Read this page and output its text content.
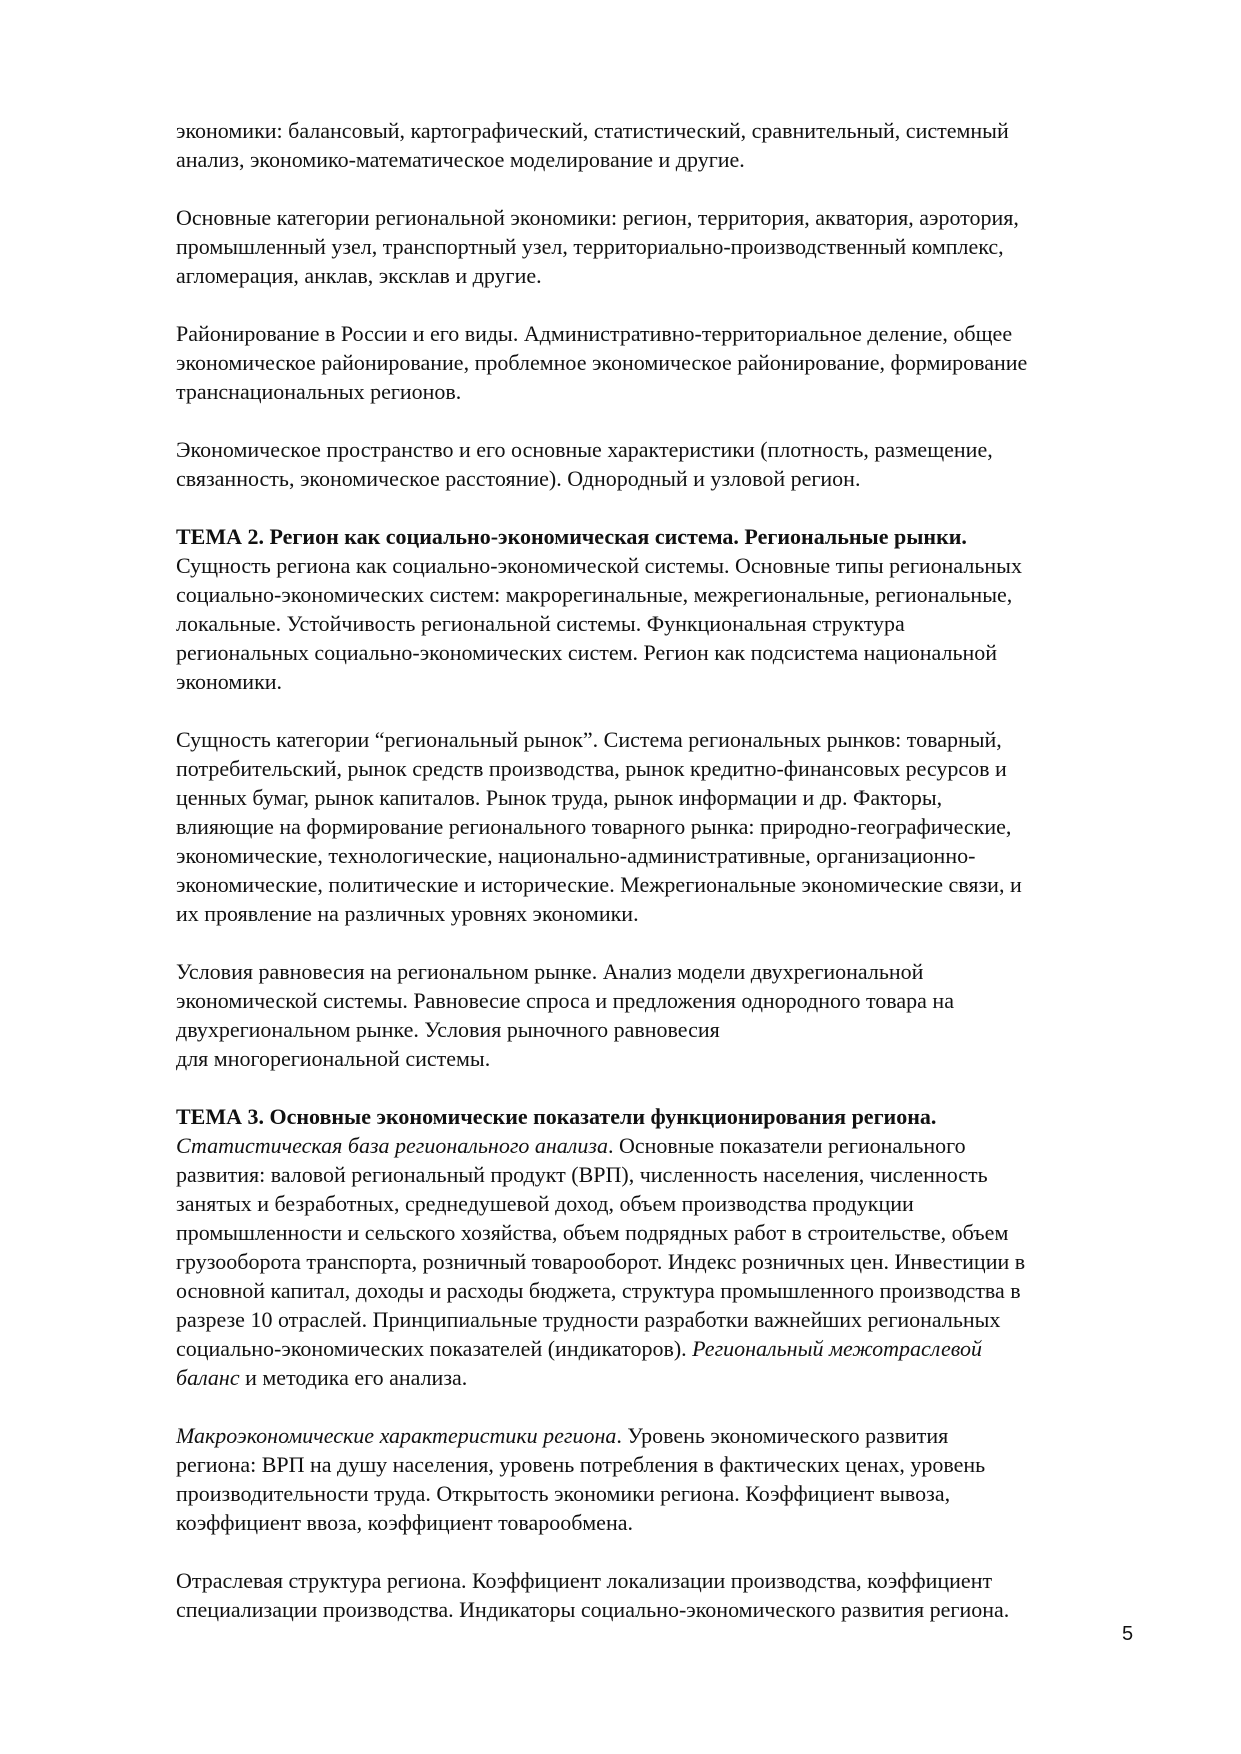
экономики: балансовый, картографический, статистический, сравнительный, системный
анализ, экономико-математическое моделирование и другие.

Основные категории региональной экономики: регион, территория, акватория, аэротория,
промышленный узел, транспортный узел, территориально-производственный комплекс,
агломерация, анклав, эксклав и другие.

Районирование в России и его виды. Административно-территориальное деление, общее
экономическое районирование, проблемное экономическое районирование, формирование
транснациональных регионов.

Экономическое пространство и его основные характеристики (плотность, размещение,
связанность, экономическое расстояние). Однородный и узловой регион.

ТЕМА 2. Регион как социально-экономическая система. Региональные рынки.
Сущность региона как социально-экономической системы. Основные типы региональных
социально-экономических систем: макрорегинальные, межрегиональные, региональные,
локальные. Устойчивость региональной системы. Функциональная структура
региональных социально-экономических систем. Регион как подсистема национальной
экономики.

Сущность категории “региональный рынок”. Система региональных рынков: товарный,
потребительский, рынок средств производства, рынок кредитно-финансовых ресурсов и
ценных бумаг, рынок капиталов. Рынок труда, рынок информации и др. Факторы,
влияющие на формирование регионального товарного рынка: природно-географические,
экономические, технологические, национально-административные, организационно-
экономические, политические и исторические. Межрегиональные экономические связи, и
их проявление на различных уровнях экономики.

Условия равновесия на региональном рынке. Анализ модели двухрегиональной
экономической системы. Равновесие спроса и предложения однородного товара на
двухрегиональном рынке. Условия рыночного равновесия
для многорегиональной системы.

ТЕМА 3. Основные экономические показатели функционирования региона.
Статистическая база регионального анализа. Основные показатели регионального
развития: валовой региональный продукт (ВРП), численность населения, численность
занятых и безработных, среднедушевой доход, объем производства продукции
промышленности и сельского хозяйства, объем подрядных работ в строительстве, объем
грузооборота транспорта, розничный товарооборот. Индекс розничных цен. Инвестиции в
основной капитал, доходы и расходы бюджета, структура промышленного производства в
разрезе 10 отраслей. Принципиальные трудности разработки важнейших региональных
социально-экономических показателей (индикаторов). Региональный межотраслевой
баланс и методика его анализа.

Макроэкономические характеристики региона. Уровень экономического развития
региона: ВРП на душу населения, уровень потребления в фактических ценах, уровень
производительности труда. Открытость экономики региона. Коэффициент вывоза,
коэффициент ввоза, коэффициент товарообмена.

Отраслевая структура региона. Коэффициент локализации производства, коэффициент
специализации производства. Индикаторы социально-экономического развития региона.

5
